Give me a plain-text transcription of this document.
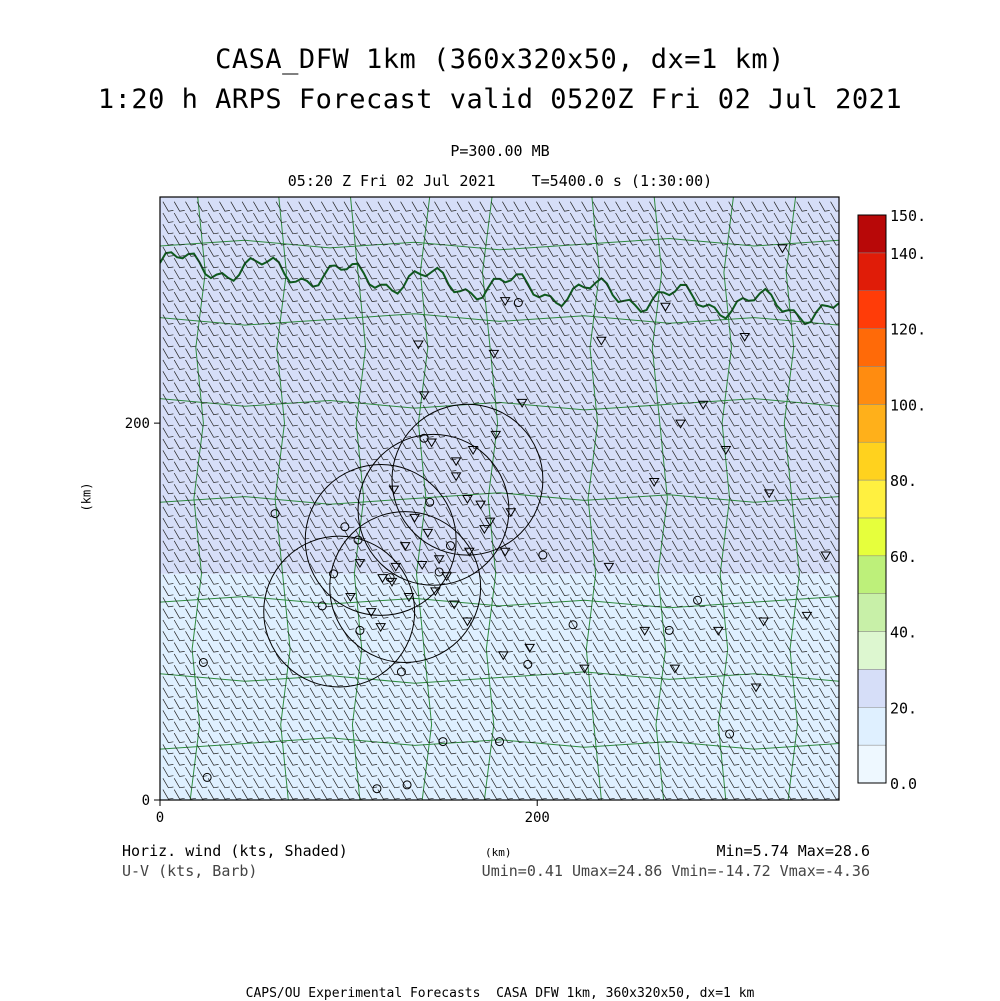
CASA_DFW 1km (360x320x50, dx=1 km)
1:20 h ARPS Forecast valid 0520Z Fri 02 Jul 2021
P=300.00 MB
05:20 Z Fri 02 Jul 2021    T=5400.0 s (1:30:00)
0	200
0
200
0.0
20.
40.
60.
80.
100.
120.
140.
150.
(km)
Horiz. wind (kts, Shaded)
U-V (kts, Barb)
(km)	Min=5.74 Max=28.6
Umin=0.41 Umax=24.86 Vmin=-14.72 Vmax=-4.36
CAPS/OU Experimental Forecasts  CASA DFW 1km, 360x320x50, dx=1 km
